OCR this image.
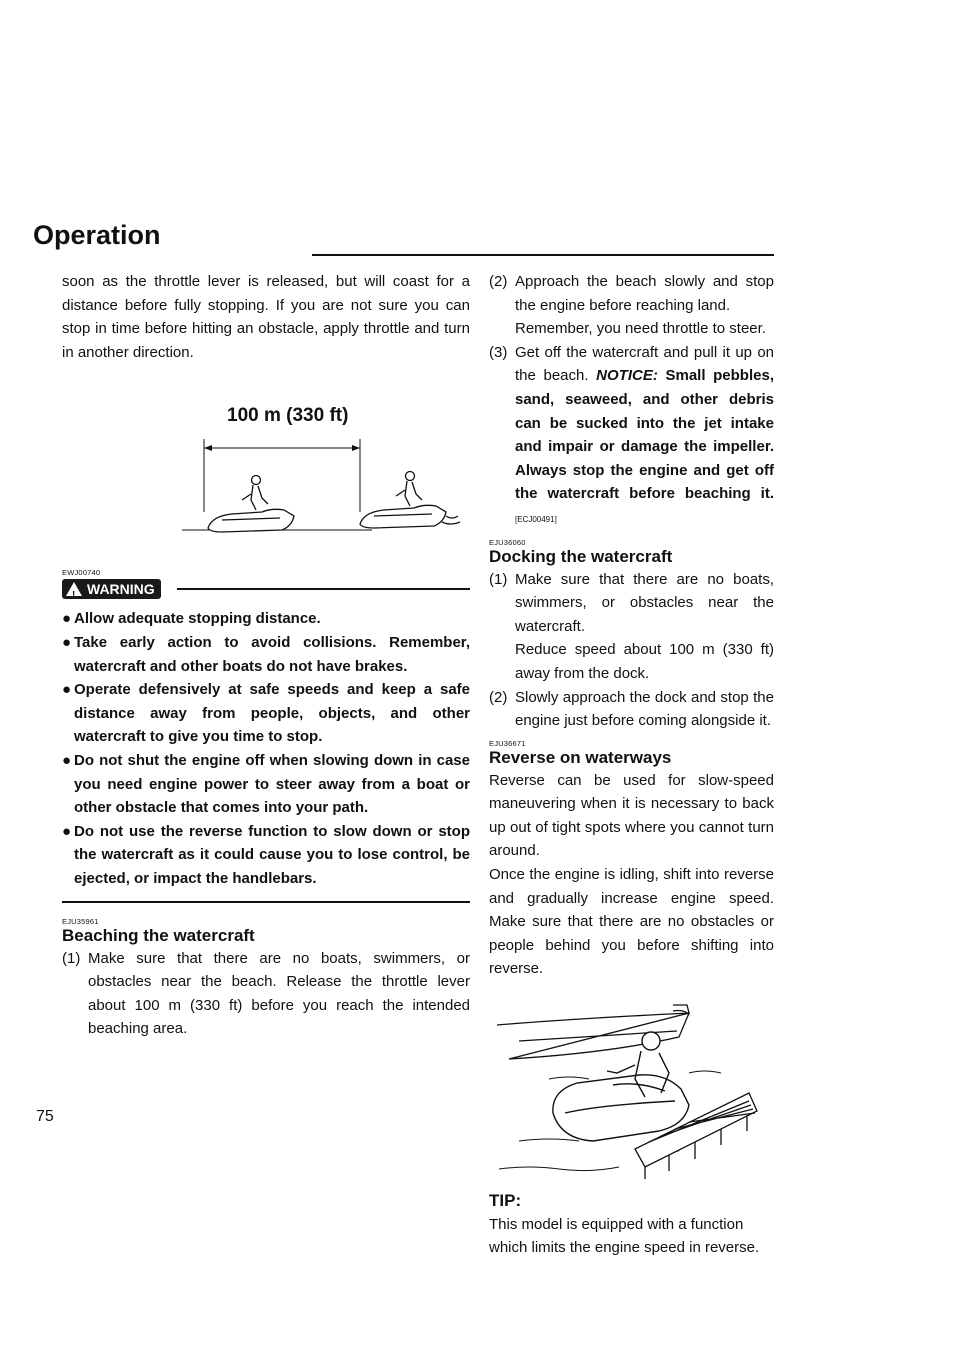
Operation

soon as the throttle lever is released, but will coast for a distance before fully stopping. If you are not sure you can stop in time before hitting an obstacle, apply throttle and turn in another direction.

100 m (330 ft)
EWJ00740
! WARNING
● Allow adequate stopping distance.
● Take early action to avoid collisions. Remember, watercraft and other boats do not have brakes.
● Operate defensively at safe speeds and keep a safe distance away from people, objects, and other watercraft to give you time to stop.
● Do not shut the engine off when slowing down in case you need engine power to steer away from a boat or other obstacle that comes into your path.
● Do not use the reverse function to slow down or stop the watercraft as it could cause you to lose control, be ejected, or impact the handlebars.
EJU35961
Beaching the watercraft
(1) Make sure that there are no boats, swimmers, or obstacles near the beach. Release the throttle lever about 100 m (330 ft) before you reach the intended beaching area.
(2) Approach the beach slowly and stop the engine before reaching land.
Remember, you need throttle to steer.
(3) Get off the watercraft and pull it up on the beach. NOTICE: Small pebbles, sand, seaweed, and other debris can be sucked into the jet intake and impair or damage the impeller. Always stop the engine and get off the watercraft before beaching it. [ECJ00491]
EJU36060
Docking the watercraft
(1) Make sure that there are no boats, swimmers, or obstacles near the watercraft.
Reduce speed about 100 m (330 ft) away from the dock.
(2) Slowly approach the dock and stop the engine just before coming alongside it.
EJU36671
Reverse on waterways

Reverse can be used for slow-speed maneuvering when it is necessary to back up out of tight spots where you cannot turn around.

Once the engine is idling, shift into reverse and gradually increase engine speed. Make sure that there are no obstacles or people behind you before shifting into reverse.

TIP:

This model is equipped with a function which limits the engine speed in reverse.

75
